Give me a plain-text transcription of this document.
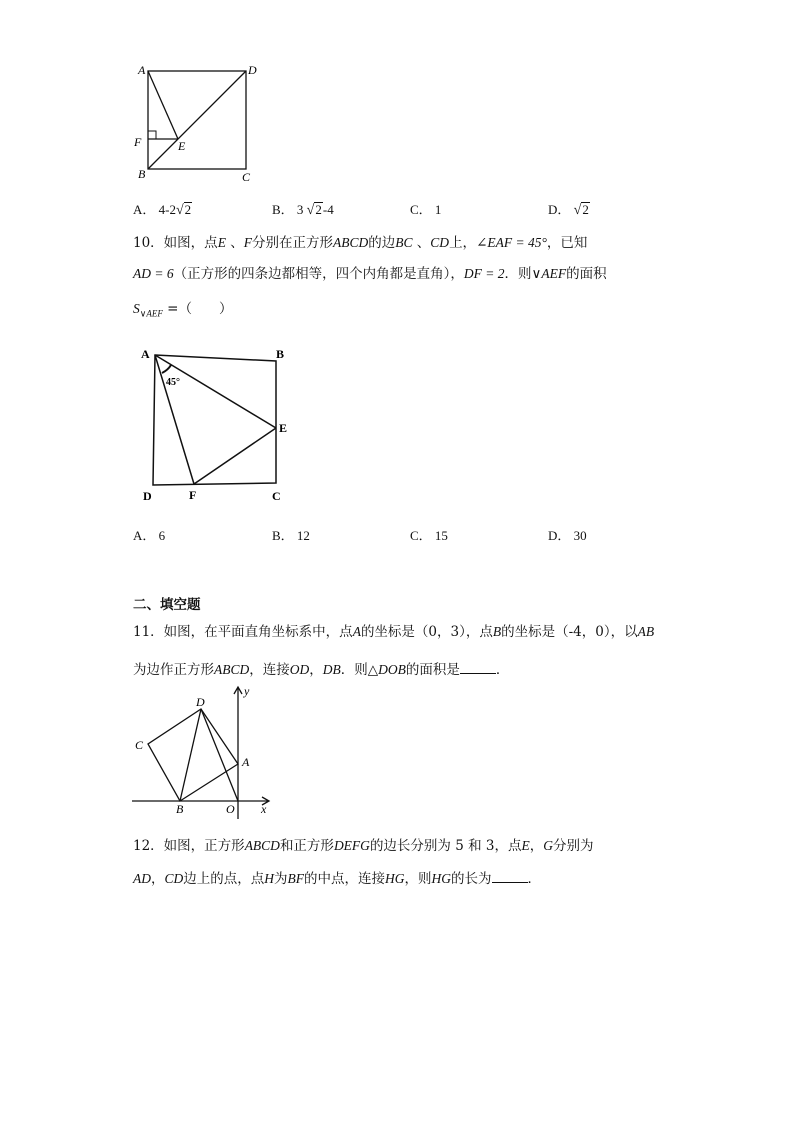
A	D
F	E
B	C
A． 4-2√2	B． 3 √2-4	C． 1	D． √2
10．如图，点E 、F分别在正方形ABCD的边BC 、CD上，∠EAF = 45°，已知
AD = 6（正方形的四条边都相等，四个内角都是直角），DF = 2．则∨AEF的面积
$S_{\vee AEF}$ =（　　）
A	B
E
D	F	C
45°
A． 6	B． 12	C． 15	D． 30
二、填空题
11．如图，在平面直角坐标系中，点A的坐标是（0，3），点B的坐标是（-4，0），以AB
为边作正方形ABCD，连接OD，DB．则△DOB的面积是	．
D
C
A
B	O x
y
12．如图，正方形ABCD和正方形DEFG的边长分别为 5 和 3，点E，G分别为
AD，CD边上的点，点H为BF的中点，连接HG，则HG的长为	．
